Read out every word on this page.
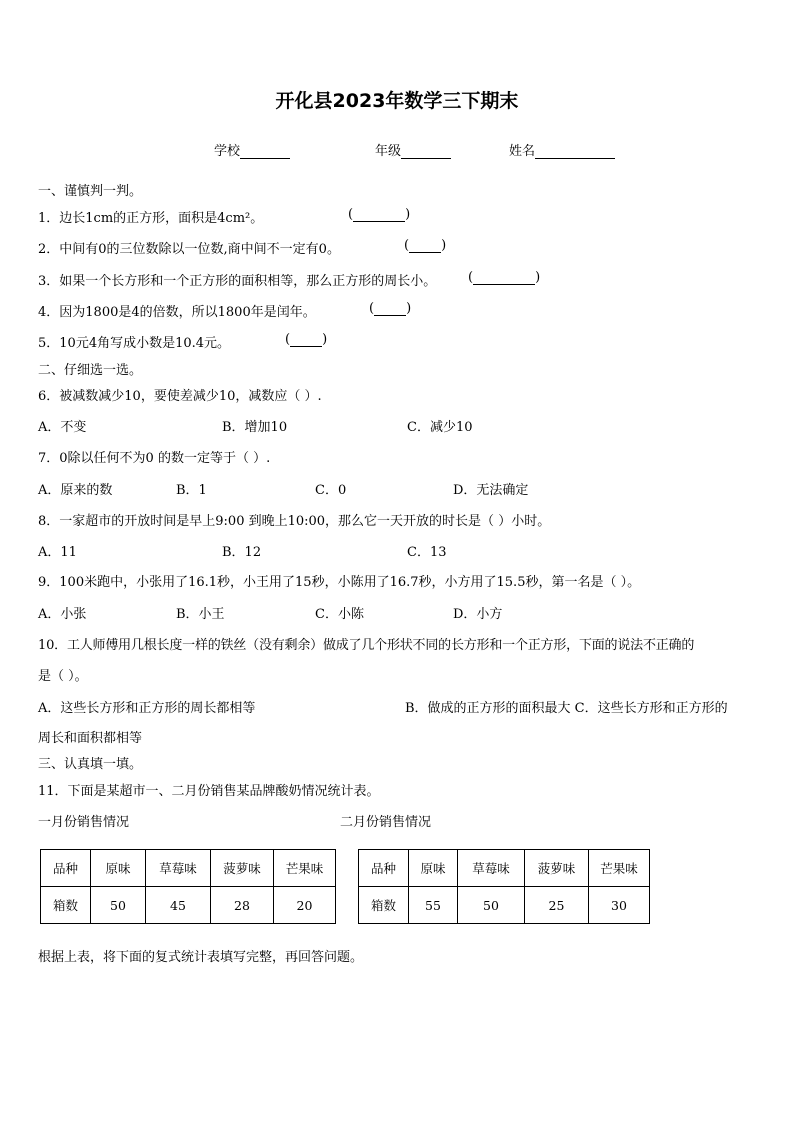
开化县2023年数学三下期末
学校	年级	姓名
一、谨慎判一判。
1．边长1cm的正方形，面积是4cm²。	(	)
2．中间有0的三位数除以一位数,商中间不一定有0。	( )
3．如果一个长方形和一个正方形的面积相等，那么正方形的周长小。 (	)
4．因为1800是4的倍数，所以1800年是闰年。	( )
5．10元4角写成小数是10.4元。	( )
二、仔细选一选。
6．被减数减少10，要使差减少10，减数应（ ）.
A．不变	B．增加10	C．减少10
7．0除以任何不为0 的数一定等于（ ）.
A．原来的数	B．1	C．0	D．无法确定
8．一家超市的开放时间是早上9:00 到晚上10:00，那么它一天开放的时长是（ ）小时。
A．11	B．12	C．13
9．100米跑中，小张用了16.1秒，小王用了15秒，小陈用了16.7秒，小方用了15.5秒，第一名是（ ）。
A．小张	B．小王	C．小陈	D．小方
10．工人师傅用几根长度一样的铁丝（没有剩余）做成了几个形状不同的长方形和一个正方形，下面的说法不正确的
是（ ）。
A．这些长方形和正方形的周长都相等	B．做成的正方形的面积最大 C．这些长方形和正方形的
周长和面积都相等
三、认真填一填。
11．下面是某超市一、二月份销售某品牌酸奶情况统计表。
一月份销售情况	二月份销售情况
品种	原味	草莓味	菠萝味	芒果味
箱数	50	45	28	20
品种	原味	草莓味	菠萝味	芒果味
箱数	55	50	25	30
根据上表，将下面的复式统计表填写完整，再回答问题。
